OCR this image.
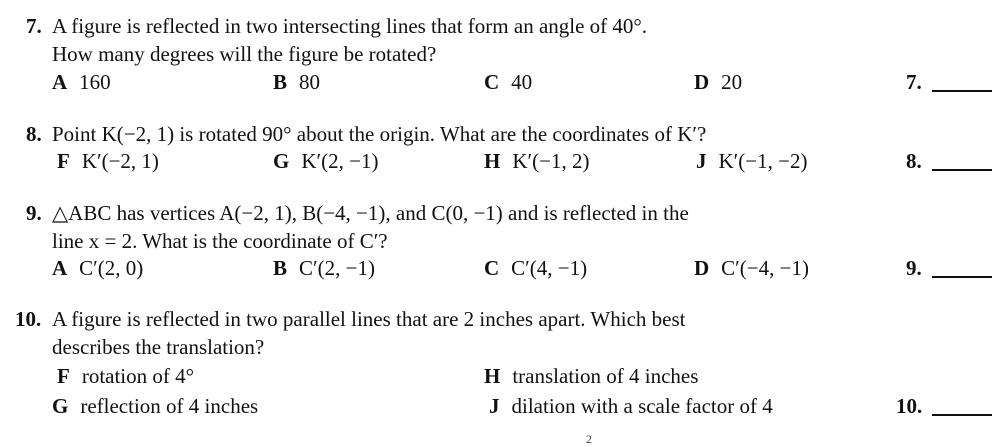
7. A figure is reflected in two intersecting lines that form an angle of 40°.
How many degrees will the figure be rotated?
A 160	B 80	C 40	D 20	7.
8. Point K(−2, 1) is rotated 90° about the origin. What are the coordinates of K′?
F K′(−2, 1)	G K′(2, −1)	H K′(−1, 2)	J K′(−1, −2)	8.
9. △ABC has vertices A(−2, 1), B(−4, −1), and C(0, −1) and is reflected in the
line x = 2. What is the coordinate of C′?
A C′(2, 0)	B C′(2, −1)	C C′(4, −1)	D C′(−4, −1)	9.
10. A figure is reflected in two parallel lines that are 2 inches apart. Which best
describes the translation?
F rotation of 4°	H translation of 4 inches
G reflection of 4 inches	J dilation with a scale factor of 4	10.
2
